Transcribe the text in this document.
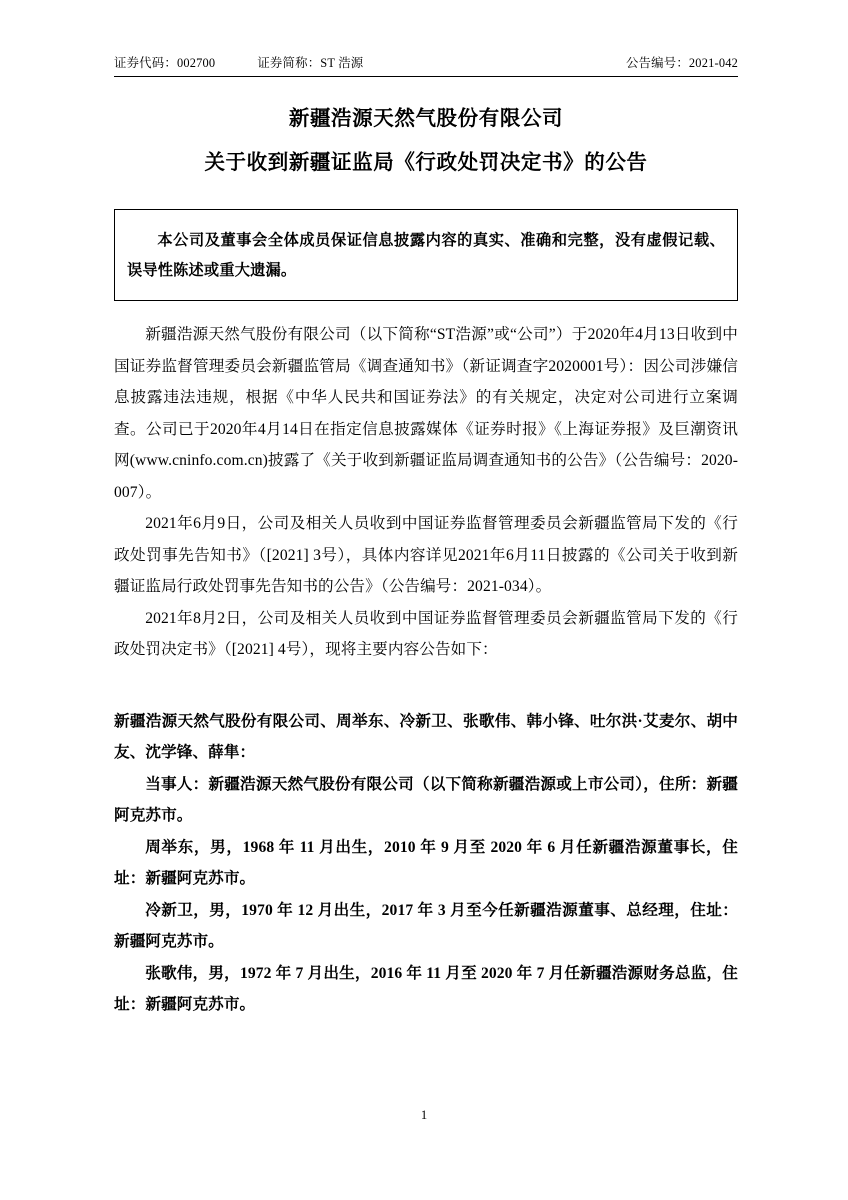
证券代码：002700	证券简称：ST 浩源	公告编号：2021-042
新疆浩源天然气股份有限公司
关于收到新疆证监局《行政处罚决定书》的公告

本公司及董事会全体成员保证信息披露内容的真实、准确和完整，没有虚假记载、误导性陈述或重大遗漏。

新疆浩源天然气股份有限公司（以下简称“ST浩源”或“公司”）于2020年4月13日收到中国证券监督管理委员会新疆监管局《调查通知书》（新证调查字2020001号）：因公司涉嫌信息披露违法违规，根据《中华人民共和国证券法》的有关规定，决定对公司进行立案调查。公司已于2020年4月14日在指定信息披露媒体《证券时报》《上海证券报》及巨潮资讯网(www.cninfo.com.cn)披露了《关于收到新疆证监局调查通知书的公告》（公告编号：2020-007）。

2021年6月9日，公司及相关人员收到中国证券监督管理委员会新疆监管局下发的《行政处罚事先告知书》（[2021] 3号），具体内容详见2021年6月11日披露的《公司关于收到新疆证监局行政处罚事先告知书的公告》（公告编号：2021-034）。

2021年8月2日，公司及相关人员收到中国证券监督管理委员会新疆监管局下发的《行政处罚决定书》（[2021] 4号），现将主要内容公告如下：

新疆浩源天然气股份有限公司、周举东、冷新卫、张歌伟、韩小锋、吐尔洪·艾麦尔、胡中友、沈学锋、薛隼：

当事人：新疆浩源天然气股份有限公司（以下简称新疆浩源或上市公司），住所：新疆阿克苏市。

周举东，男，1968 年 11 月出生，2010 年 9 月至 2020 年 6 月任新疆浩源董事长，住址：新疆阿克苏市。

冷新卫，男，1970 年 12 月出生，2017 年 3 月至今任新疆浩源董事、总经理，住址：新疆阿克苏市。

张歌伟，男，1972 年 7 月出生，2016 年 11 月至 2020 年 7 月任新疆浩源财务总监，住址：新疆阿克苏市。

1
